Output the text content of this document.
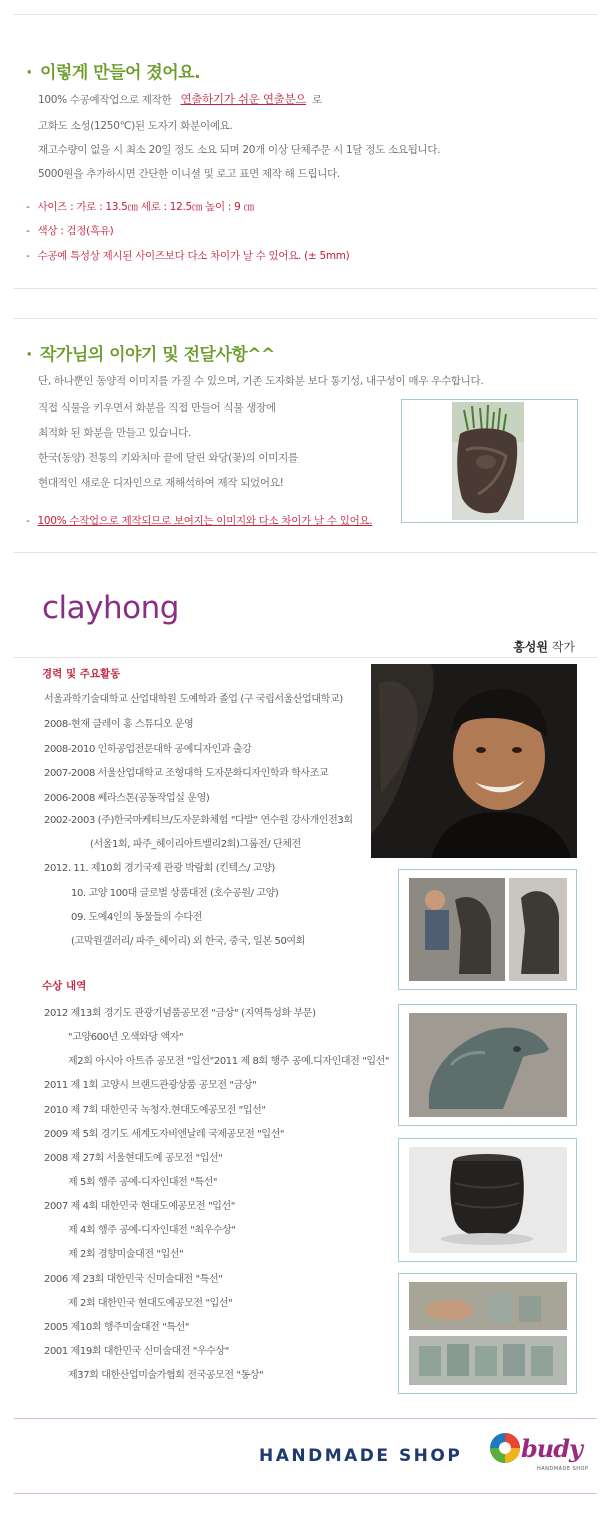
· 이렇게 만들어 졌어요.
100% 수공예작업으로 제작한 연출하기가 쉬운 연출분으 로
고화도 소성(1250℃)된 도자기 화분이예요.
재고수량이 없을 시 최소 20일 정도 소요 되며 20개 이상 단체주문 시 1달 정도 소요됩니다.
5000원을 추가하시면 간단한 이니셜 및 로고 표면 제작 해 드립니다.
- 사이즈 : 가로 : 13.5㎝ 세로 : 12.5㎝ 높이 : 9 ㎝
- 색상 : 검정(흑유)
- 수공예 특성상 제시된 사이즈보다 다소 차이가 날 수 있어요. (± 5mm)
· 작가님의 이야기 및 전달사항^^
단, 하나뿐인 동양적 이미지를 가질 수 있으며, 기존 도자화분 보다 통기성, 내구성이 매우 우수합니다.
직접 식물을 키우면서 화분을 직접 만들어 식물 생장에
최적화 된 화분을 만들고 있습니다.
한국(동양) 전통의 기와처마 끝에 달린 와당(꽃)의 이미지를
현대적인 새로운 디자인으로 재해석하여 제작 되었어요!
- 100% 수작업으로 제작되므로 보여지는 이미지와 다소 차이가 날 수 있어요.
clayhong
홍성원 작가
경력 및 주요활동
서울과학기술대학교 산업대학원 도예학과 졸업 (구 국립서울산업대학교)
2008-현재 클레이 홍 스튜디오 운영
2008-2010 인하공업전문대학 공예디자인과 출강
2007-2008 서울산업대학교 조형대학 도자문화디자인학과 학사조교
2006-2008 쎄라스톤(공동작업실 운영)
2002-2003 (주)한국마케티브/도자문화체험 "다발" 연수원 강사개인전3회
(서울1회, 파주_헤이리아트밸리2회)그룹전/ 단체전
2012. 11. 제10회 경기국제 관광 박람회 (킨텍스/ 고양)
10. 고양 100대 글로벌 상품대전 (호수공원/ 고양)
09. 도예4인의 동물들의 수다전
(고막원갤러리/ 파주_헤이리) 외 한국, 중국, 일본 50여회
수상 내역
2012 제13회 경기도 관광기념품공모전 "금상" (지역특성화 부문)
"고양600년 오색와당 액자"
제2회 아시아 아트쥬 공모전 "입선"2011 제 8회 행주 공예.디자인대전 "입선"
2011 제 1회 고양시 브랜드관광상품 공모전 "금상"
2010 제 7회 대한민국 녹청자.현대도예공모전 "입선"
2009 제 5회 경기도 세계도자비엔날레 국제공모전 "입선"
2008 제 27회 서울현대도예 공모전 "입선"
제 5회 행주 공예-디자인대전 "특선"
2007 제 4회 대한민국 현대도예공모전 "입선"
제 4회 행주 공예-디자인대전 "최우수상"
제 2회 경향미술대전 "입선"
2006 제 23회 대한민국 신미술대전 "특선"
제 2회 대한민국 현대도예공모전 "입선"
2005 제10회 행주미술대전 "특선"
2001 제19회 대한민국 신미술대전 "우수상"
제37회 대한산업미술가협회 전국공모전 "동상"
HANDMADE SHOP budy
HANDMADE SHOP
